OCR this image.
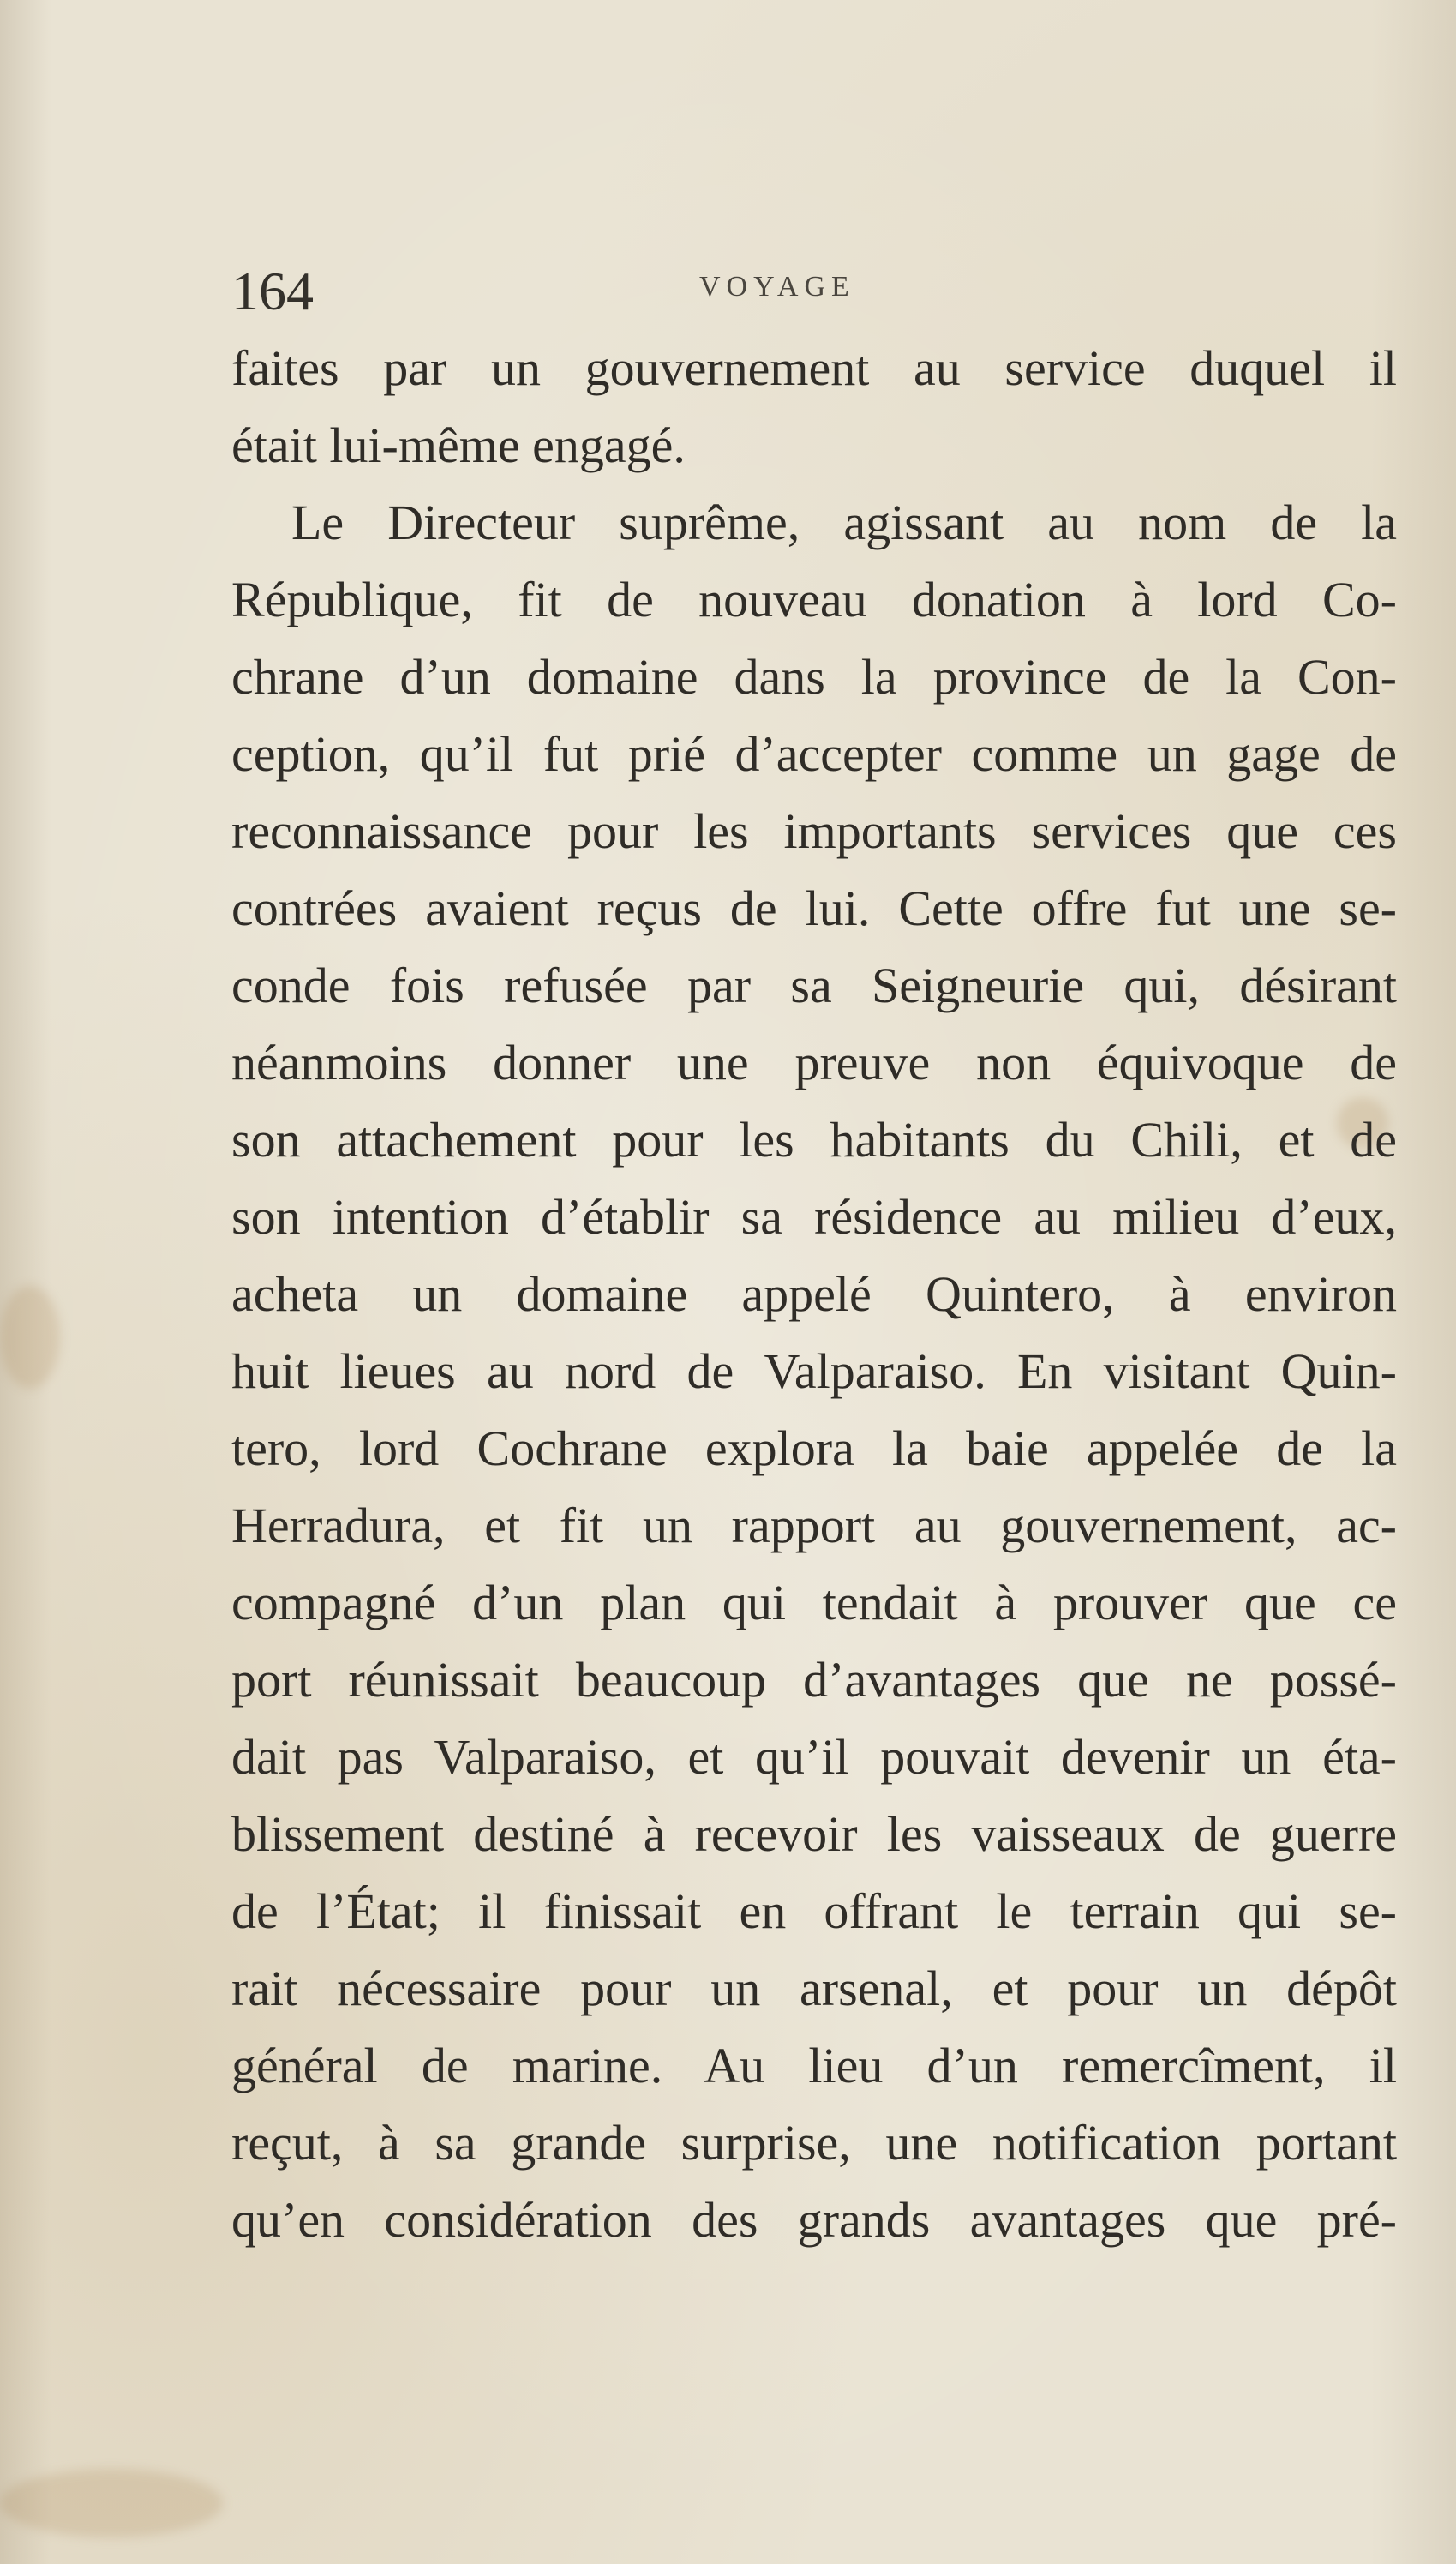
164	VOYAGE
faites par un gouvernement au service duquel il
était lui-même engagé.
Le Directeur suprême, agissant au nom de la
République, fit de nouveau donation à lord Co-
chrane d’un domaine dans la province de la Con-
ception, qu’il fut prié d’accepter comme un gage de
reconnaissance pour les importants services que ces
contrées avaient reçus de lui. Cette offre fut une se-
conde fois refusée par sa Seigneurie qui, désirant
néanmoins donner une preuve non équivoque de
son attachement pour les habitants du Chili, et de
son intention d’établir sa résidence au milieu d’eux,
acheta un domaine appelé Quintero, à environ
huit lieues au nord de Valparaiso. En visitant Quin-
tero, lord Cochrane explora la baie appelée de la
Herradura, et fit un rapport au gouvernement, ac-
compagné d’un plan qui tendait à prouver que ce
port réunissait beaucoup d’avantages que ne possé-
dait pas Valparaiso, et qu’il pouvait devenir un éta-
blissement destiné à recevoir les vaisseaux de guerre
de l’État; il finissait en offrant le terrain qui se-
rait nécessaire pour un arsenal, et pour un dépôt
général de marine. Au lieu d’un remercîment, il
reçut, à sa grande surprise, une notification portant
qu’en considération des grands avantages que pré-
